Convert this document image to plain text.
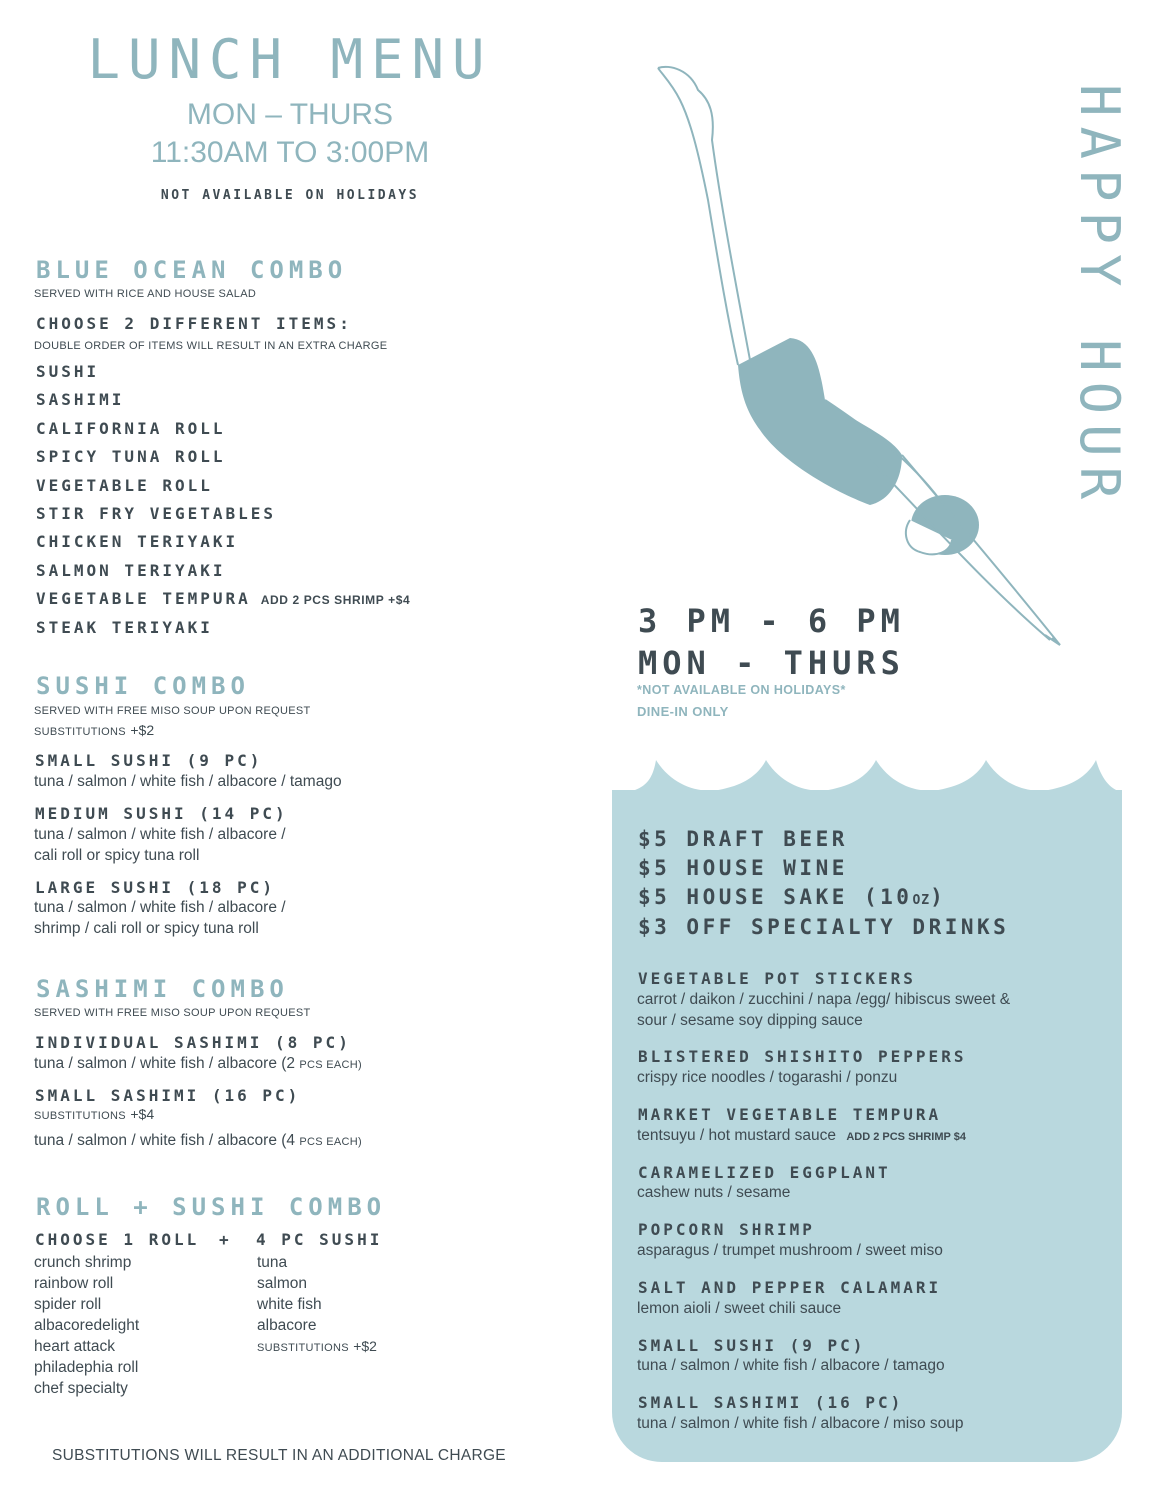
LUNCH MENU
MON – THURS
11:30AM TO 3:00PM
NOT AVAILABLE ON HOLIDAYS
BLUE OCEAN COMBO
SERVED WITH RICE AND HOUSE SALAD
CHOOSE 2 DIFFERENT ITEMS:
DOUBLE ORDER OF ITEMS WILL RESULT IN AN EXTRA CHARGE
SUSHI
SASHIMI
CALIFORNIA ROLL
SPICY TUNA ROLL
VEGETABLE ROLL
STIR FRY VEGETABLES
CHICKEN TERIYAKI
SALMON TERIYAKI
VEGETABLE TEMPURA ADD 2 PCS SHRIMP +$4
STEAK TERIYAKI
SUSHI COMBO
SERVED WITH FREE MISO SOUP UPON REQUEST
SUBSTITUTIONS +$2
SMALL SUSHI (9 PC)
tuna / salmon / white fish / albacore / tamago
MEDIUM SUSHI (14 PC)
tuna / salmon / white fish / albacore /
cali roll or spicy tuna roll
LARGE SUSHI (18 PC)
tuna / salmon / white fish / albacore /
shrimp / cali roll or spicy tuna roll
SASHIMI COMBO
SERVED WITH FREE MISO SOUP UPON REQUEST
INDIVIDUAL SASHIMI (8 PC)
tuna / salmon / white fish / albacore (2 PCS EACH)
SMALL SASHIMI (16 PC)
SUBSTITUTIONS +$4
tuna / salmon / white fish / albacore (4 PCS EACH)
ROLL + SUSHI COMBO
CHOOSE 1 ROLL + 4 PC SUSHI
crunch shrimp
rainbow roll
spider roll
albacoredelight
heart attack
philadephia roll
chef specialty
tuna
salmon
white fish
albacore
SUBSTITUTIONS +$2
SUBSTITUTIONS WILL RESULT IN AN ADDITIONAL CHARGE
HAPPY HOUR
3 PM - 6 PM
MON - THURS
*NOT AVAILABLE ON HOLIDAYS*
DINE-IN ONLY
$5 DRAFT BEER
$5 HOUSE WINE
$5 HOUSE SAKE (10OZ)
$3 OFF SPECIALTY DRINKS
VEGETABLE POT STICKERS
carrot / daikon / zucchini / napa /egg/ hibiscus sweet &
sour / sesame soy dipping sauce
BLISTERED SHISHITO PEPPERS
crispy rice noodles / togarashi / ponzu
MARKET VEGETABLE TEMPURA
tentsuyu / hot mustard sauce ADD 2 PCS SHRIMP $4
CARAMELIZED EGGPLANT
cashew nuts / sesame
POPCORN SHRIMP
asparagus / trumpet mushroom / sweet miso
SALT AND PEPPER CALAMARI
lemon aioli / sweet chili sauce
SMALL SUSHI (9 PC)
tuna / salmon / white fish / albacore / tamago
SMALL SASHIMI (16 PC)
tuna / salmon / white fish / albacore / miso soup
